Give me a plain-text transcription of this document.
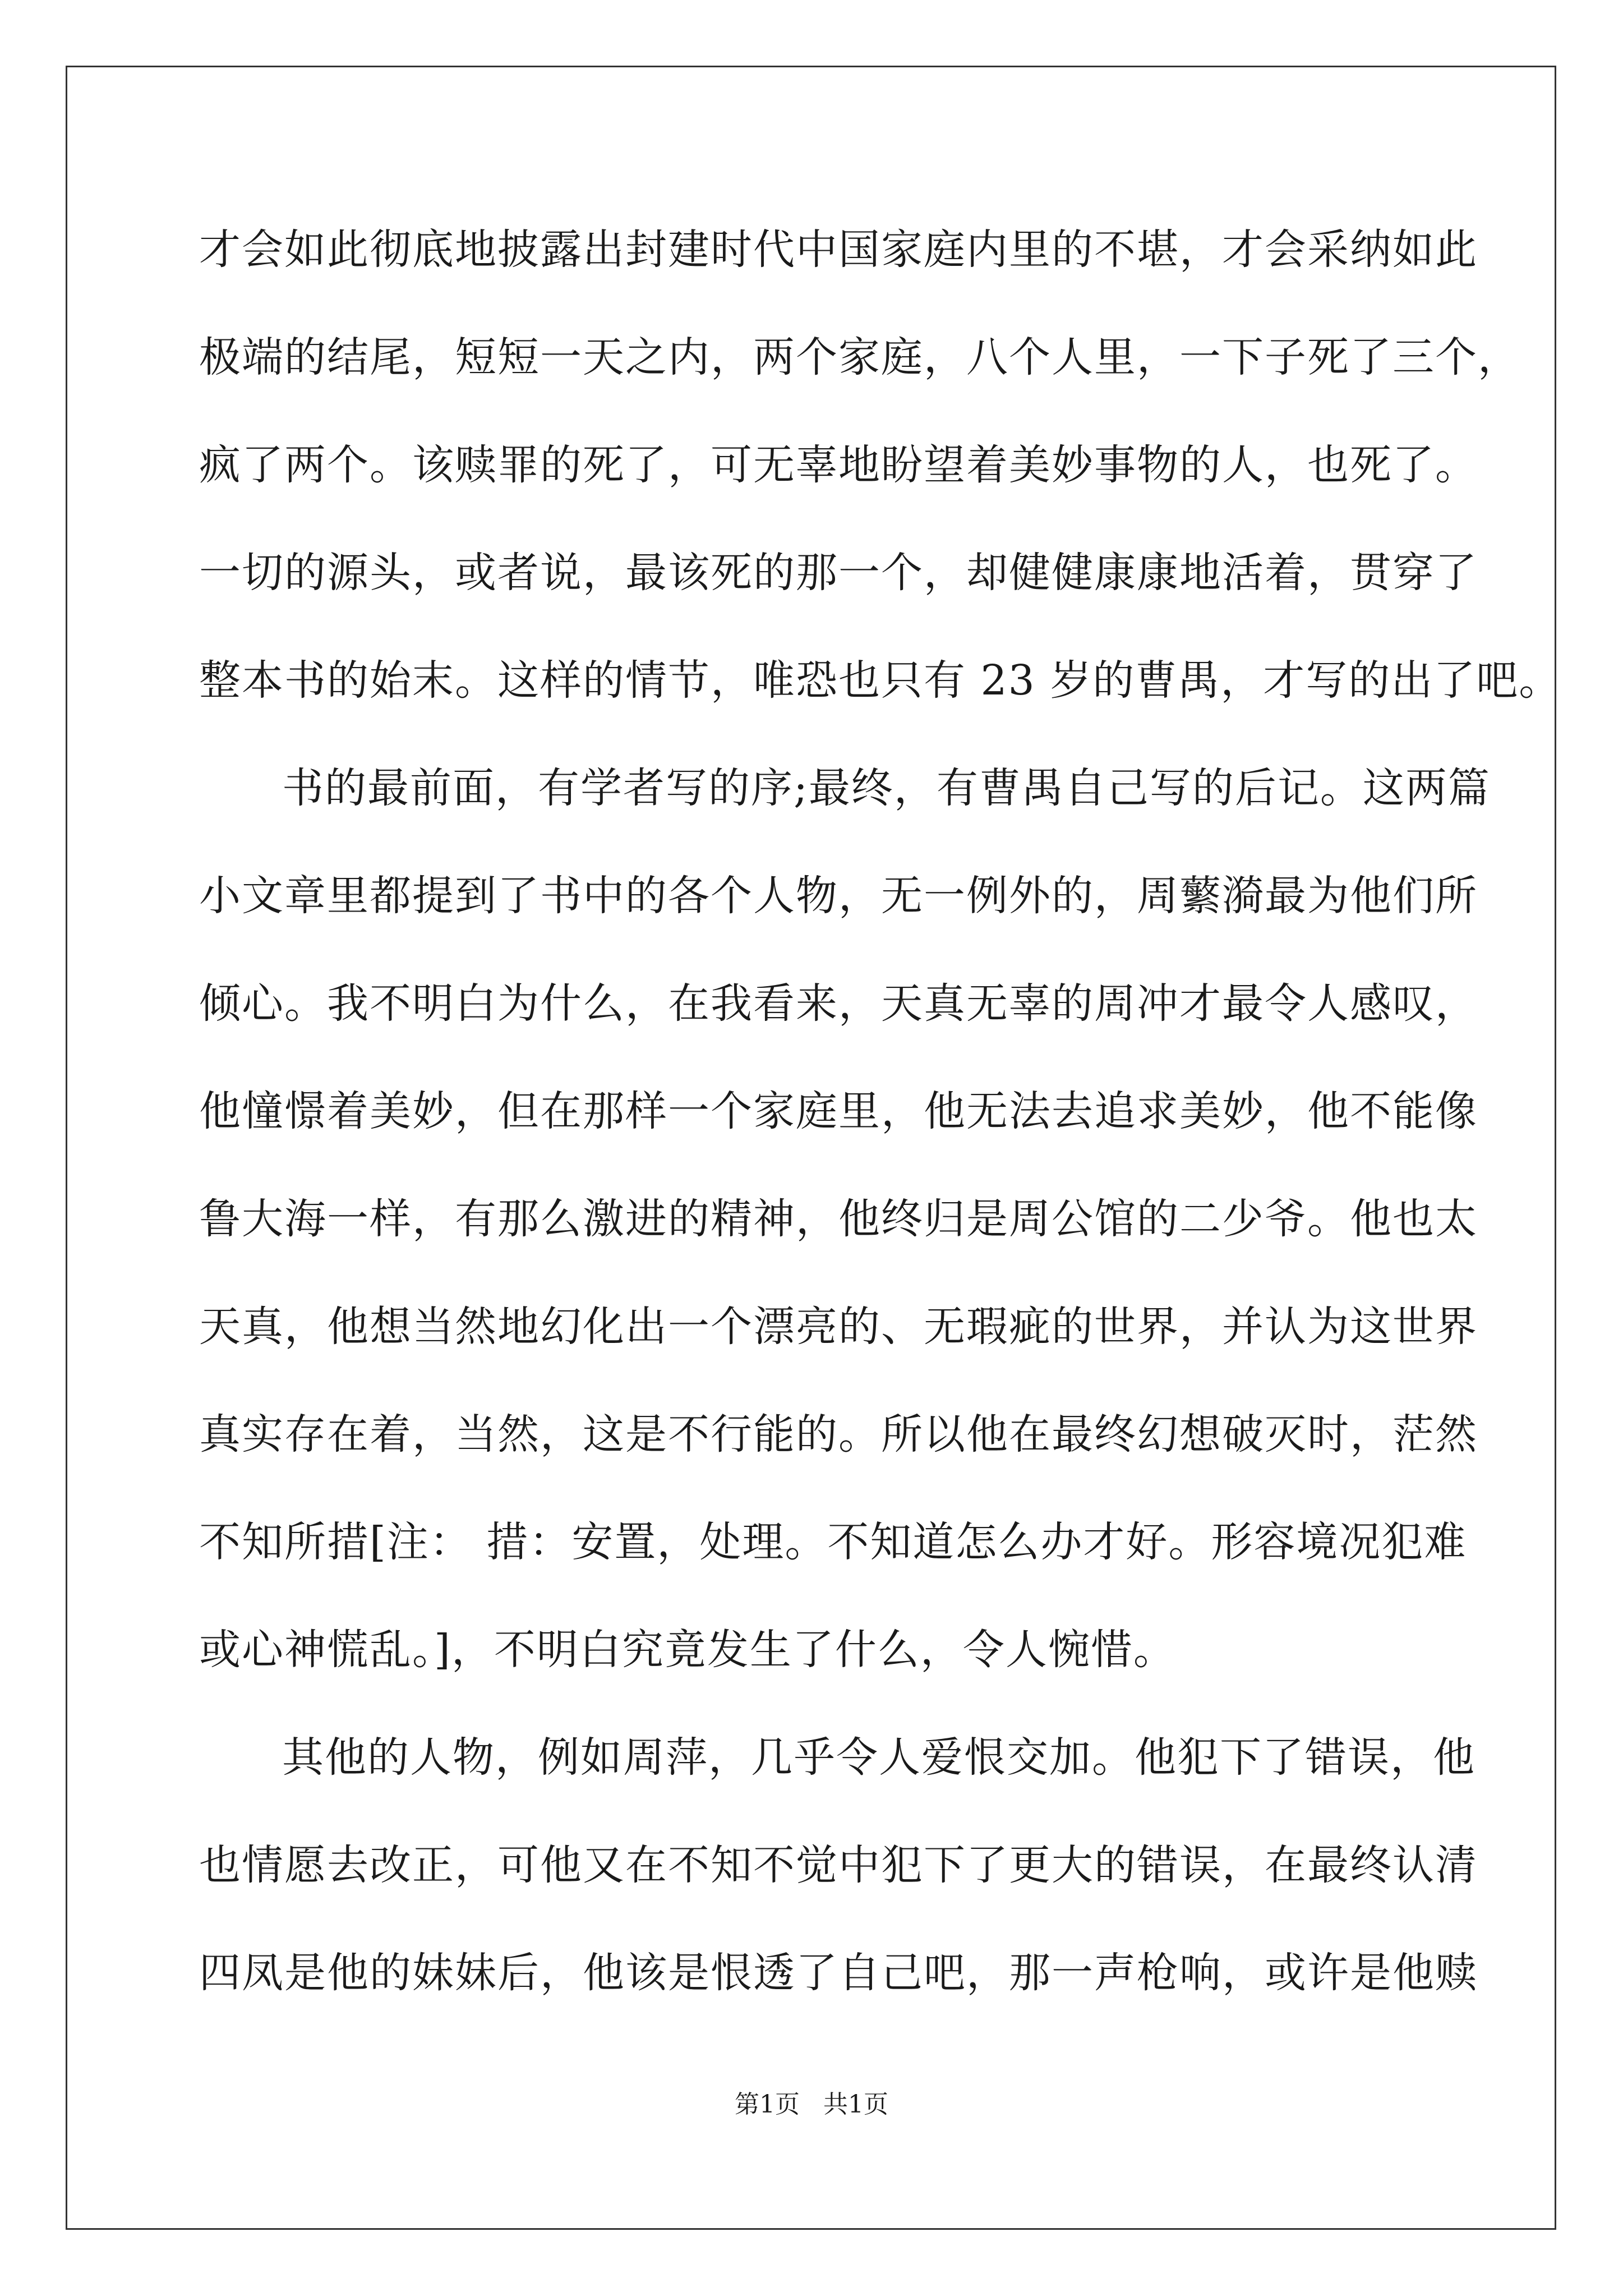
才会如此彻底地披露出封建时代中国家庭内里的不堪，才会采纳如此
极端的结尾，短短一天之内，两个家庭，八个人里，一下子死了三个，
疯了两个。该赎罪的死了，可无辜地盼望着美妙事物的人，也死了。
一切的源头，或者说，最该死的那一个，却健健康康地活着，贯穿了
整本书的始末。这样的情节，唯恐也只有 23 岁的曹禺，才写的出了吧。
书的最前面，有学者写的序;最终，有曹禺自己写的后记。这两篇
小文章里都提到了书中的各个人物，无一例外的，周蘩漪最为他们所
倾心。我不明白为什么，在我看来，天真无辜的周冲才最令人感叹，
他憧憬着美妙，但在那样一个家庭里，他无法去追求美妙，他不能像
鲁大海一样，有那么激进的精神，他终归是周公馆的二少爷。他也太
天真，他想当然地幻化出一个漂亮的、无瑕疵的世界，并认为这世界
真实存在着，当然，这是不行能的。所以他在最终幻想破灭时，茫然
不知所措[注： 措：安置，处理。不知道怎么办才好。形容境况犯难
或心神慌乱。]，不明白究竟发生了什么，令人惋惜。
其他的人物，例如周萍，几乎令人爱恨交加。他犯下了错误，他
也情愿去改正，可他又在不知不觉中犯下了更大的错误，在最终认清
四凤是他的妹妹后，他该是恨透了自己吧，那一声枪响，或许是他赎
第1页   共1页
